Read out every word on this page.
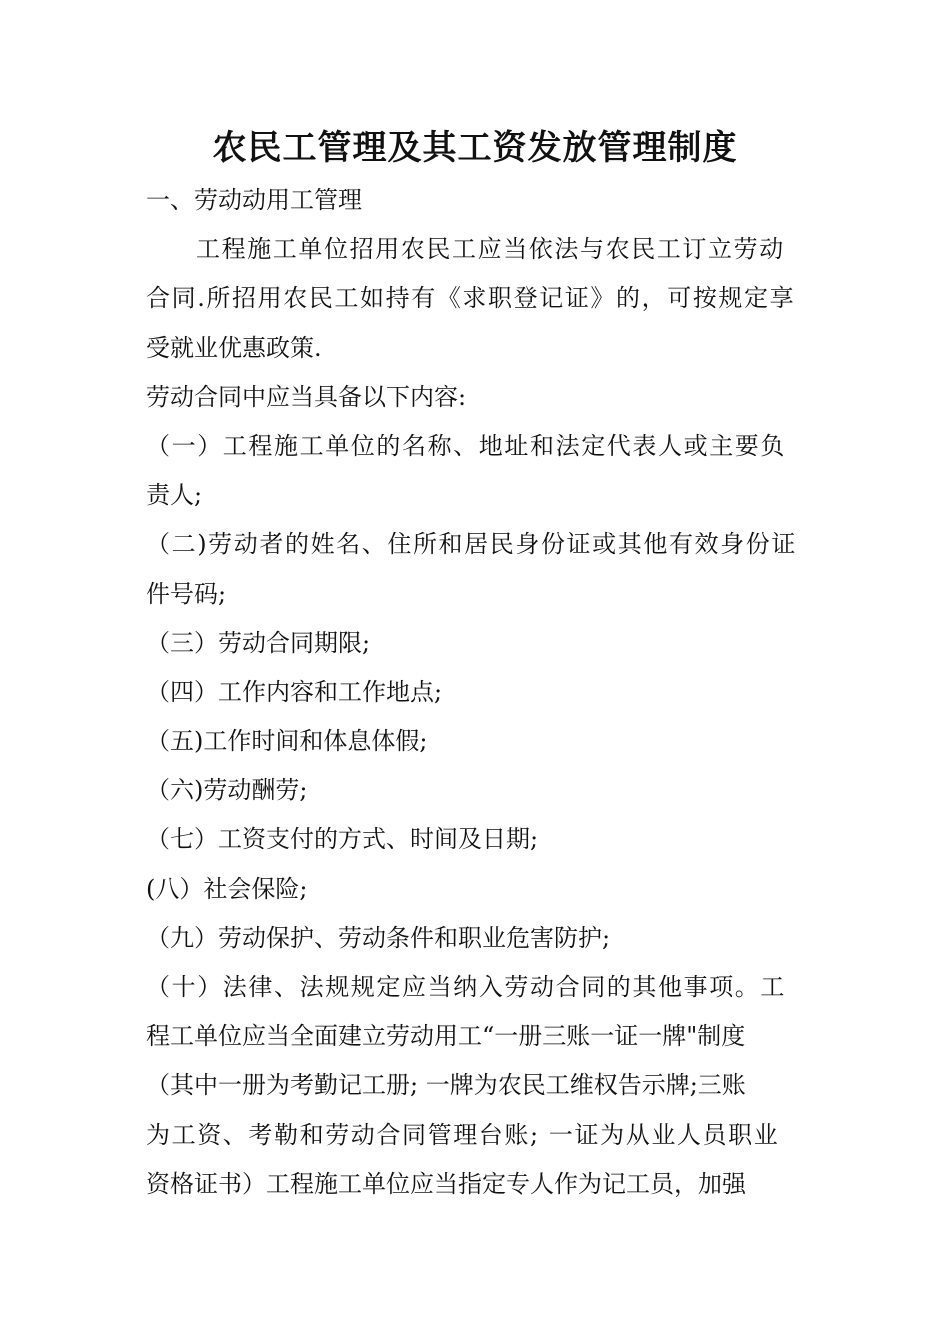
农民工管理及其工资发放管理制度
一、劳动动用工管理
工程施工单位招用农民工应当依法与农民工订立劳动
合同.所招用农民工如持有《求职登记证》的，可按规定享
受就业优惠政策.
劳动合同中应当具备以下内容:
（一）工程施工单位的名称、地址和法定代表人或主要负
责人;
（二)劳动者的姓名、住所和居民身份证或其他有效身份证
件号码;
（三）劳动合同期限;
（四）工作内容和工作地点;
（五)工作时间和体息体假;
（六)劳动酬劳;
（七）工资支付的方式、时间及日期;
(八）社会保险;
（九）劳动保护、劳动条件和职业危害防护;
（十）法律、法规规定应当纳入劳动合同的其他事项。工
程工单位应当全面建立劳动用工“一册三账一证一牌"制度
（其中一册为考勤记工册; 一牌为农民工维权告示牌;三账
为工资、考勒和劳动合同管理台账; 一证为从业人员职业
资格证书）工程施工单位应当指定专人作为记工员，加强
